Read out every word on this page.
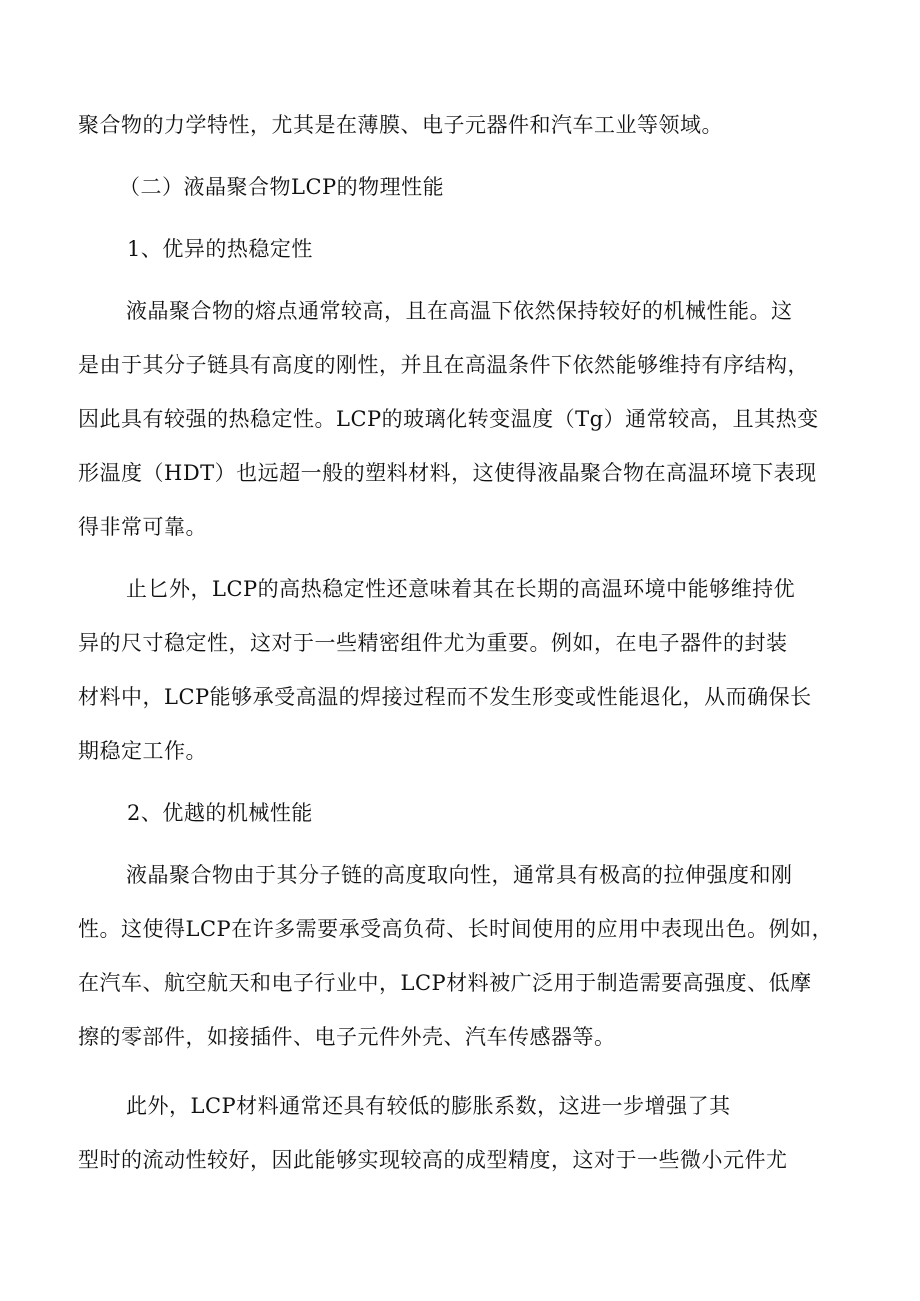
聚合物的力学特性，尤其是在薄膜、电子元器件和汽车工业等领域。
（二）液晶聚合物LCP的物理性能
1、优异的热稳定性
液晶聚合物的熔点通常较高，且在高温下依然保持较好的机械性能。这
是由于其分子链具有高度的刚性，并且在高温条件下依然能够维持有序结构，
因此具有较强的热稳定性。LCP的玻璃化转变温度（Tg）通常较高，且其热变
形温度（HDT）也远超一般的塑料材料，这使得液晶聚合物在高温环境下表现
得非常可靠。
止匕外，LCP的高热稳定性还意味着其在长期的高温环境中能够维持优
异的尺寸稳定性，这对于一些精密组件尤为重要。例如，在电子器件的封装
材料中，LCP能够承受高温的焊接过程而不发生形变或性能退化，从而确保长
期稳定工作。
2、优越的机械性能
液晶聚合物由于其分子链的高度取向性，通常具有极高的拉伸强度和刚
性。这使得LCP在许多需要承受高负荷、长时间使用的应用中表现出色。例如，
在汽车、航空航天和电子行业中，LCP材料被广泛用于制造需要高强度、低摩
擦的零部件，如接插件、电子元件外壳、汽车传感器等。
此外，LCP材料通常还具有较低的膨胀系数，这进一步增强了其
型时的流动性较好，因此能够实现较高的成型精度，这对于一些微小元件尤
